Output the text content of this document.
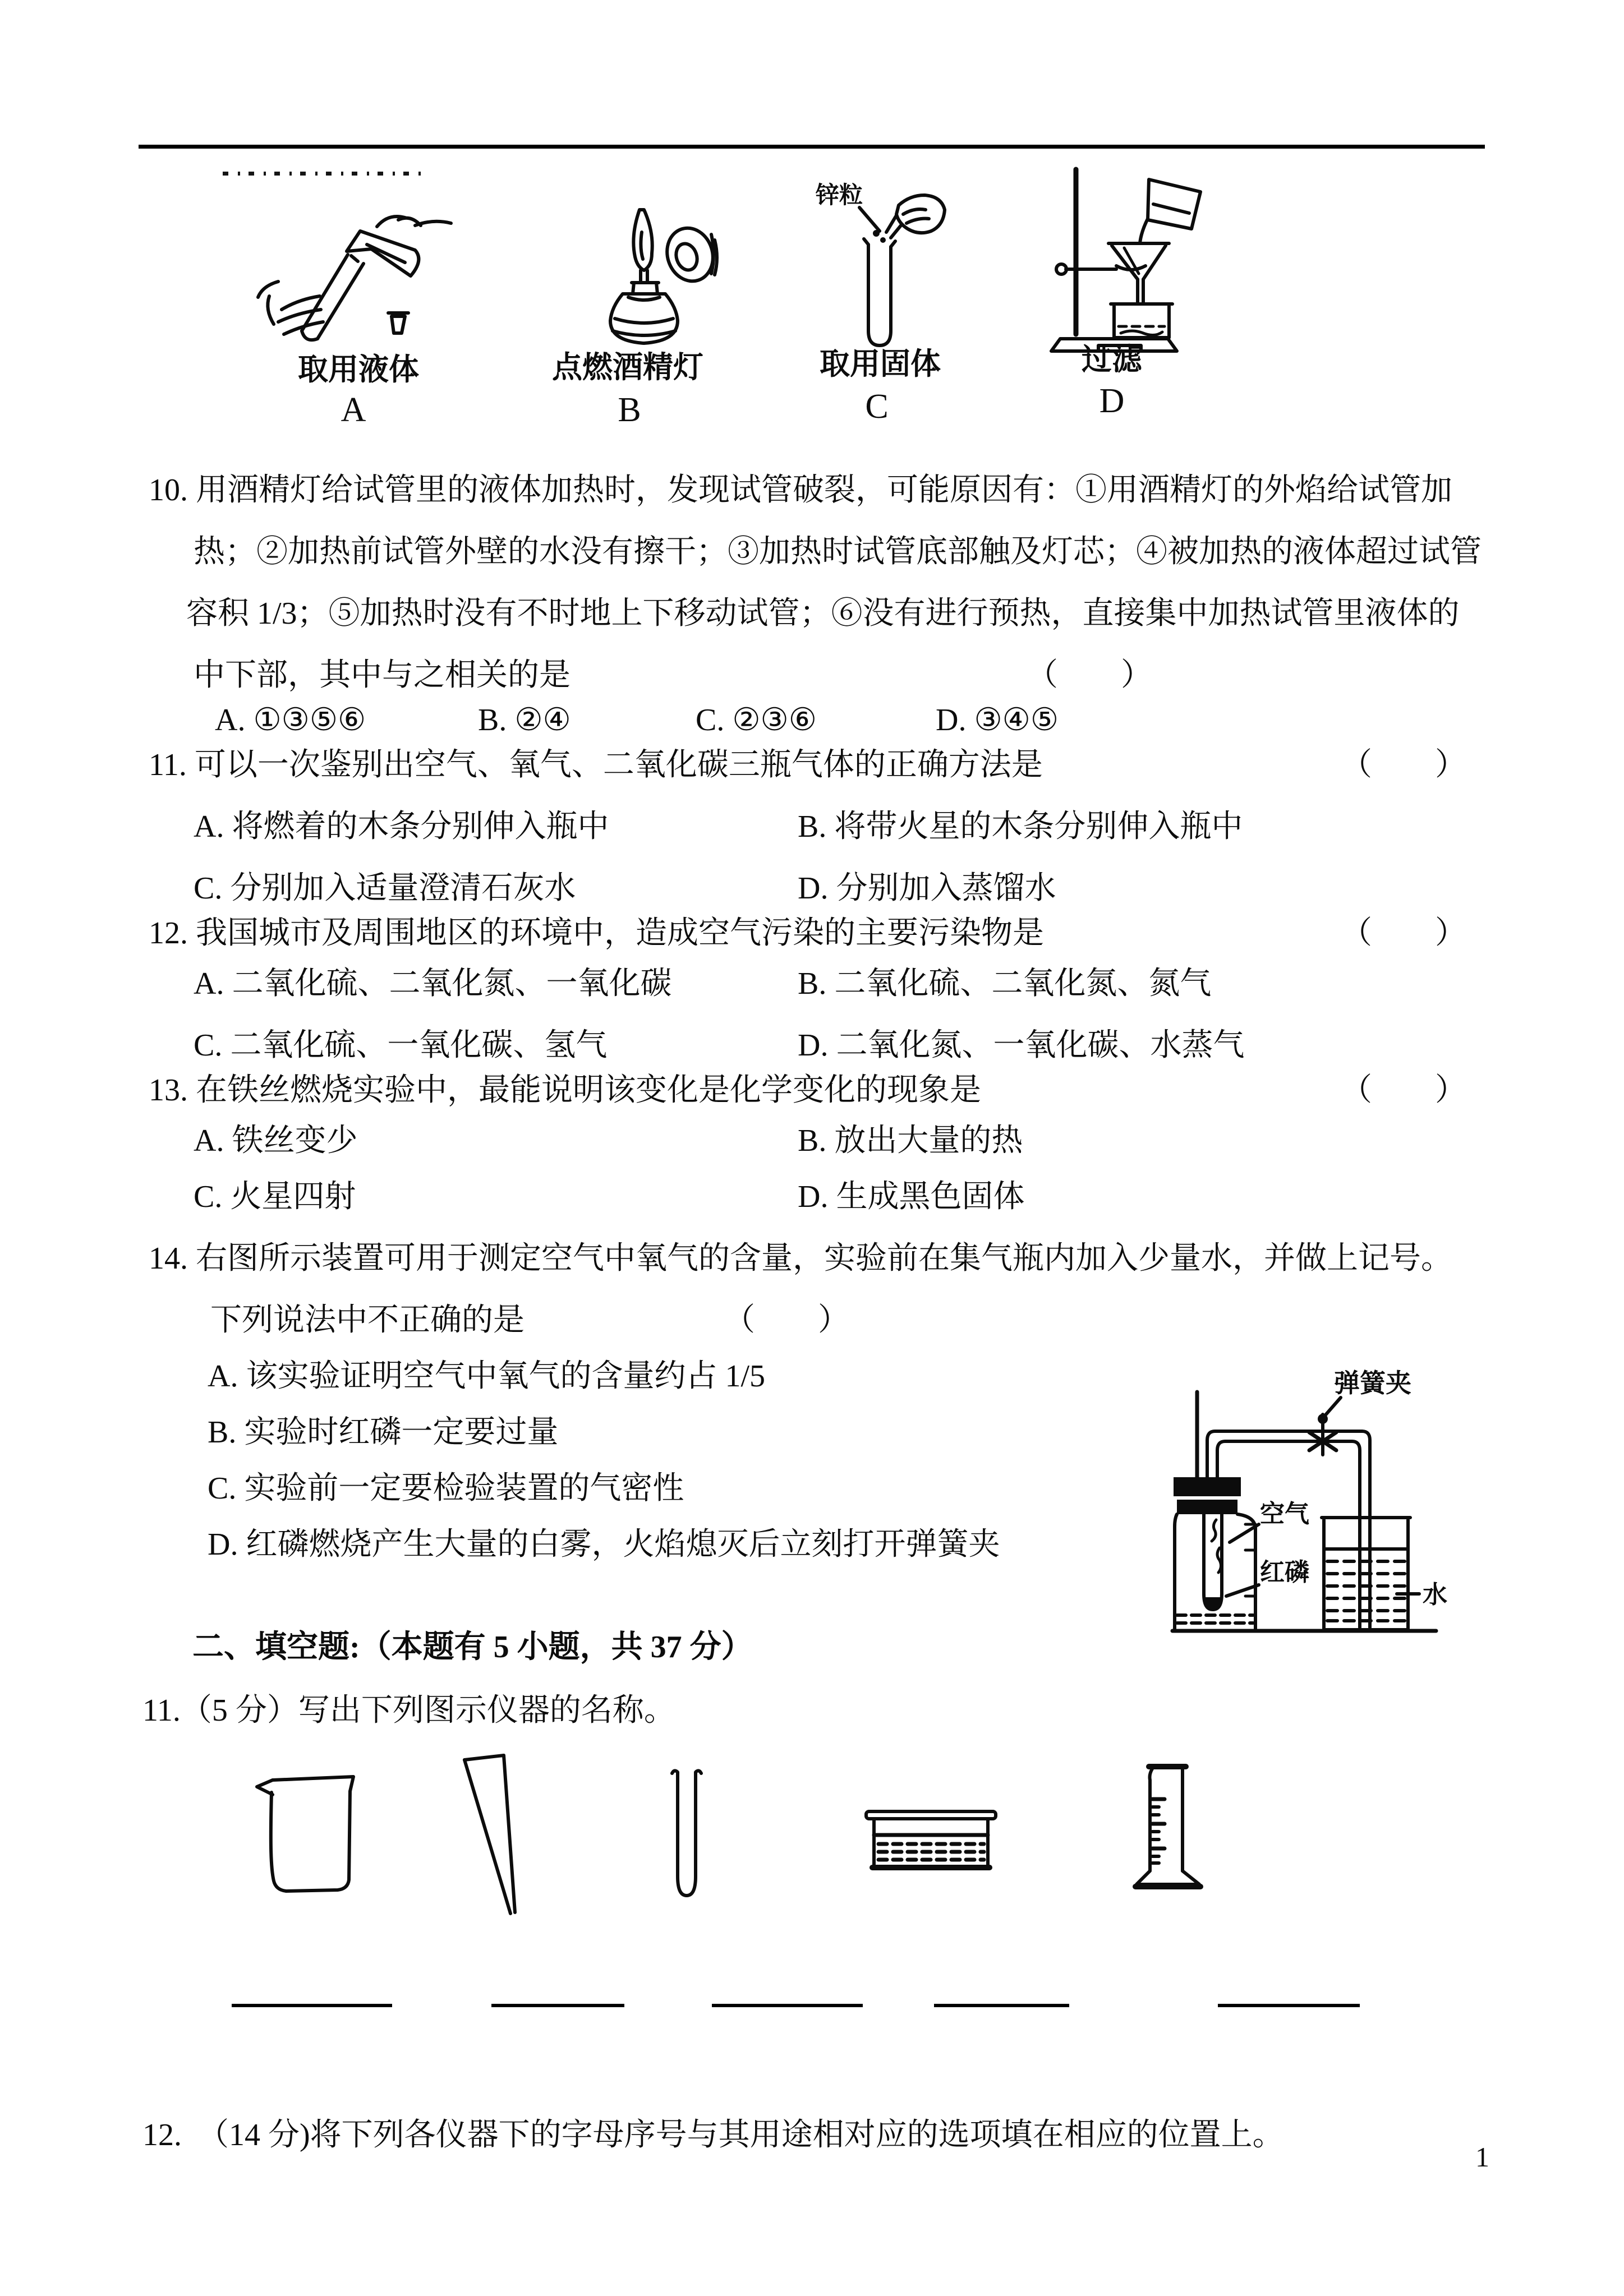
锌粒
取用液体	点燃酒精灯	取用固体	过滤
A	B	C	D
10. 用酒精灯给试管里的液体加热时，发现试管破裂，可能原因有：①用酒精灯的外焰给试管加
热；②加热前试管外壁的水没有擦干；③加热时试管底部触及灯芯；④被加热的液体超过试管
容积 1/3；⑤加热时没有不时地上下移动试管；⑥没有进行预热，直接集中加热试管里液体的
中下部，其中与之相关的是	（　　）
A. ①③⑤⑥	B. ②④	C. ②③⑥	D. ③④⑤
11. 可以一次鉴别出空气、氧气、二氧化碳三瓶气体的正确方法是	（　　）
A. 将燃着的木条分别伸入瓶中	B. 将带火星的木条分别伸入瓶中
C. 分别加入适量澄清石灰水	D. 分别加入蒸馏水
12. 我国城市及周围地区的环境中，造成空气污染的主要污染物是	（　　）
A. 二氧化硫、二氧化氮、一氧化碳	B. 二氧化硫、二氧化氮、氮气
C. 二氧化硫、一氧化碳、氢气	D. 二氧化氮、一氧化碳、水蒸气
13. 在铁丝燃烧实验中，最能说明该变化是化学变化的现象是	（　　）
A. 铁丝变少	B. 放出大量的热
C. 火星四射	D. 生成黑色固体
14. 右图所示装置可用于测定空气中氧气的含量，实验前在集气瓶内加入少量水，并做上记号。
下列说法中不正确的是	（　　）
A. 该实验证明空气中氧气的含量约占 1/5
B. 实验时红磷一定要过量
C. 实验前一定要检验装置的气密性
D. 红磷燃烧产生大量的白雾，火焰熄灭后立刻打开弹簧夹
弹簧夹
空气
红磷
水
二、填空题:（本题有 5 小题，共 37 分）
11.（5 分）写出下列图示仪器的名称。
12.  （14 分)将下列各仪器下的字母序号与其用途相对应的选项填在相应的位置上。
1
